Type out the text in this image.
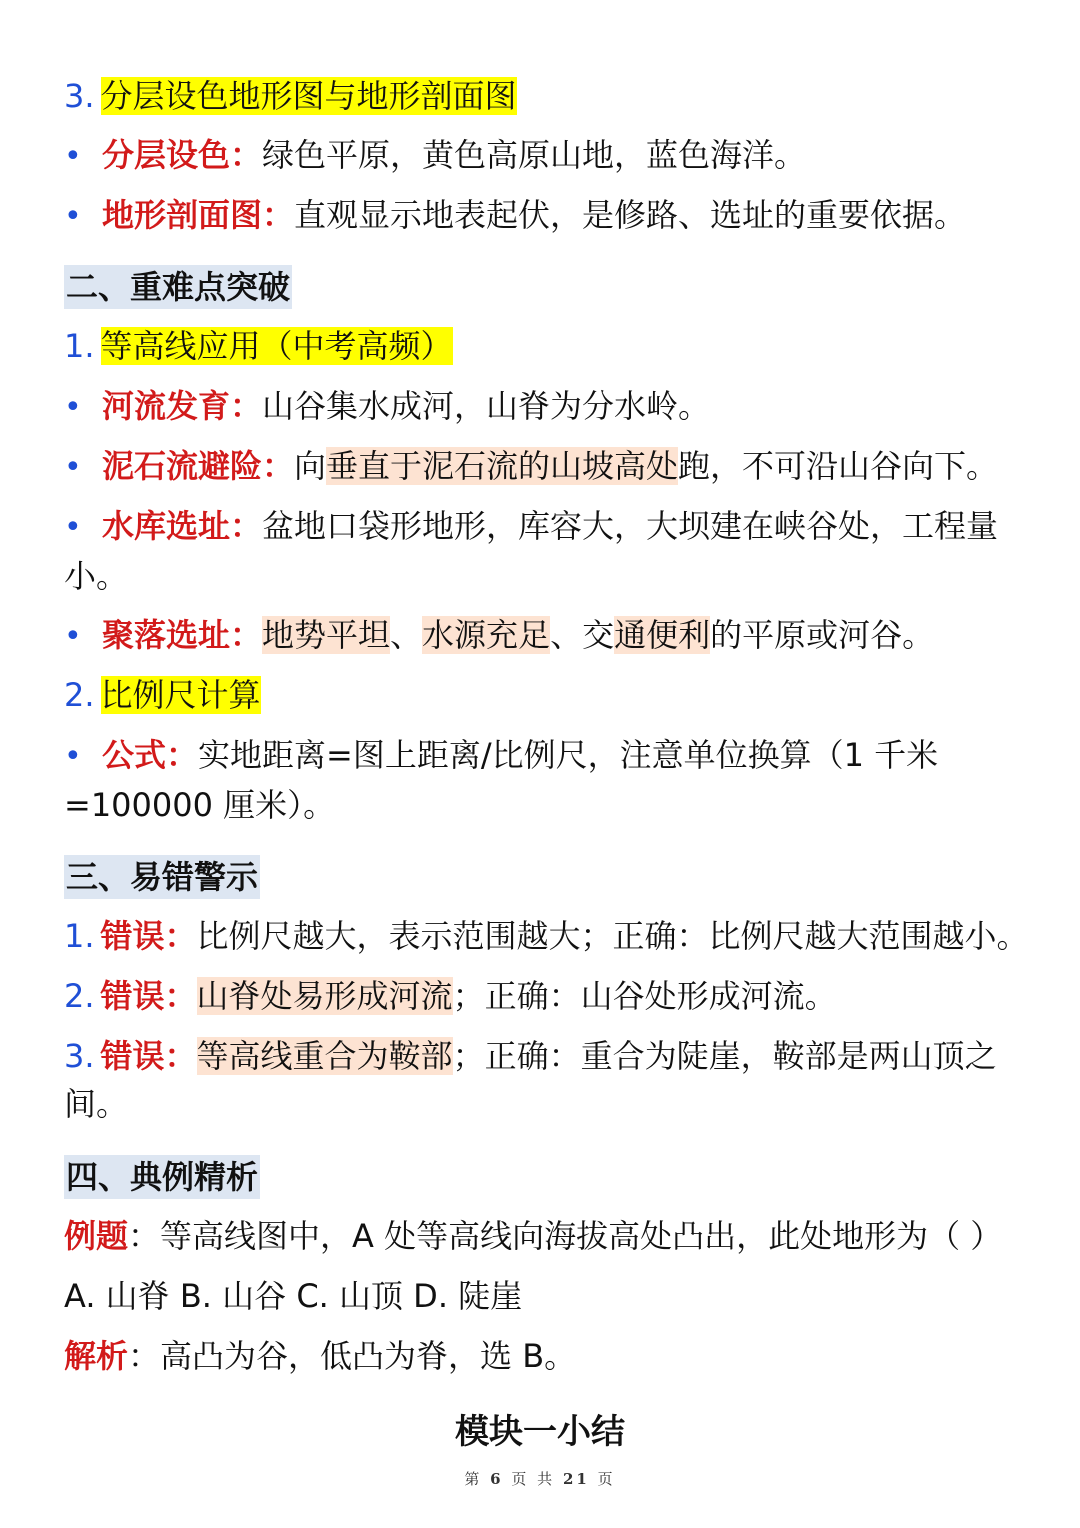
3. 分层设色地形图与地形剖面图
• 分层设色：绿色平原，黄色高原山地，蓝色海洋。
• 地形剖面图：直观显示地表起伏，是修路、选址的重要依据。
二、重难点突破
1. 等高线应用（中考高频）
• 河流发育：山谷集水成河，山脊为分水岭。
• 泥石流避险：向垂直于泥石流的山坡高处跑，不可沿山谷向下。
• 水库选址：盆地口袋形地形，库容大，大坝建在峡谷处，工程量小。
• 聚落选址：地势平坦、水源充足、交通便利的平原或河谷。
2. 比例尺计算
• 公式：实地距离=图上距离/比例尺，注意单位换算（1 千米 =100000 厘米）。
三、易错警示
1. 错误：比例尺越大，表示范围越大；正确：比例尺越大范围越小。
2. 错误：山脊处易形成河流；正确：山谷处形成河流。
3. 错误：等高线重合为鞍部；正确：重合为陡崖，鞍部是两山顶之间。
四、典例精析
例题：等高线图中，A 处等高线向海拔高处凸出，此处地形为（ ）
A. 山脊 B. 山谷 C. 山顶 D. 陡崖
解析：高凸为谷，低凸为脊，选 B。
模块一小结
第 6 页 共 21 页
